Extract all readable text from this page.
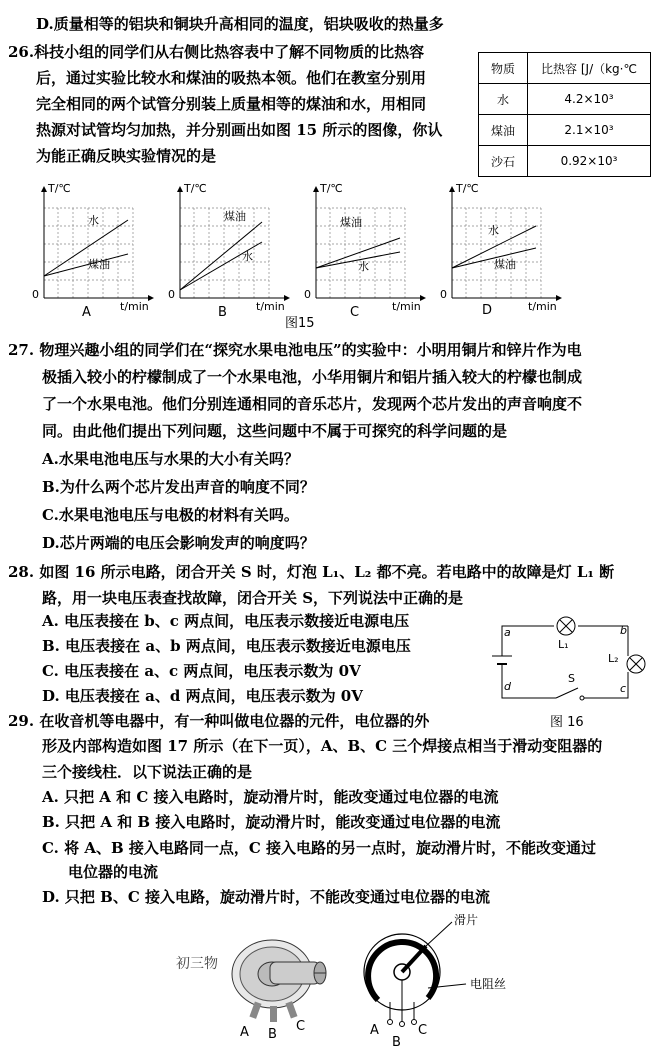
D.质量相等的铝块和铜块升高相同的温度，铝块吸收的热量多
26.科技小组的同学们从右侧比热容表中了解不同物质的比热容
后，通过实验比较水和煤油的吸热本领。他们在教室分别用
完全相同的两个试管分别装上质量相等的煤油和水，用相同
热源对试管均匀加热，并分别画出如图 15 所示的图像，你认
为能正确反映实验情况的是
物质	比热容 [J/（kg·℃
水	4.2×10³
煤油	2.1×10³
沙石	0.92×10³
T/℃
水
煤油
0
t/min
A
T/℃
煤油
水
0
t/min
B
煤油
水
T/℃
0
t/min
C
T/℃
水
煤油
0
t/min
D
图15
27. 物理兴趣小组的同学们在“探究水果电池电压”的实验中：小明用铜片和锌片作为电
极插入较小的柠檬制成了一个水果电池，小华用铜片和铝片插入较大的柠檬也制成
了一个水果电池。他们分别连通相同的音乐芯片，发现两个芯片发出的声音响度不
同。由此他们提出下列问题，这些问题中不属于可探究的科学问题的是
A.水果电池电压与水果的大小有关吗？
B.为什么两个芯片发出声音的响度不同？
C.水果电池电压与电极的材料有关吗。
D.芯片两端的电压会影响发声的响度吗？
28. 如图 16 所示电路，闭合开关 S 时，灯泡 L₁、L₂ 都不亮。若电路中的故障是灯 L₁ 断
路，用一块电压表查找故障，闭合开关 S，下列说法中正确的是
A. 电压表接在 b、c 两点间，电压表示数接近电源电压
B. 电压表接在 a、b 两点间，电压表示数接近电源电压
C. 电压表接在 a、c 两点间，电压表示数为 0V
D. 电压表接在 a、d 两点间，电压表示数为 0V
a	b
c
d
L₁
L₂
S
图 16
29. 在收音机等电器中，有一种叫做电位器的元件，电位器的外
形及内部构造如图 17 所示（在下一页），A、B、C 三个焊接点相当于滑动变阻器的
三个接线柱．以下说法正确的是
A. 只把 A 和 C 接入电路时，旋动滑片时，能改变通过电位器的电流
B. 只把 A 和 B 接入电路时，旋动滑片时，能改变通过电位器的电流
C. 将 A、B 接入电路同一点，C 接入电路的另一点时，旋动滑片时，不能改变通过
电位器的电流
D. 只把 B、C 接入电路，旋动滑片时，不能改变通过电位器的电流
初三物
A B
C
滑片
电阻丝
A
B
C
